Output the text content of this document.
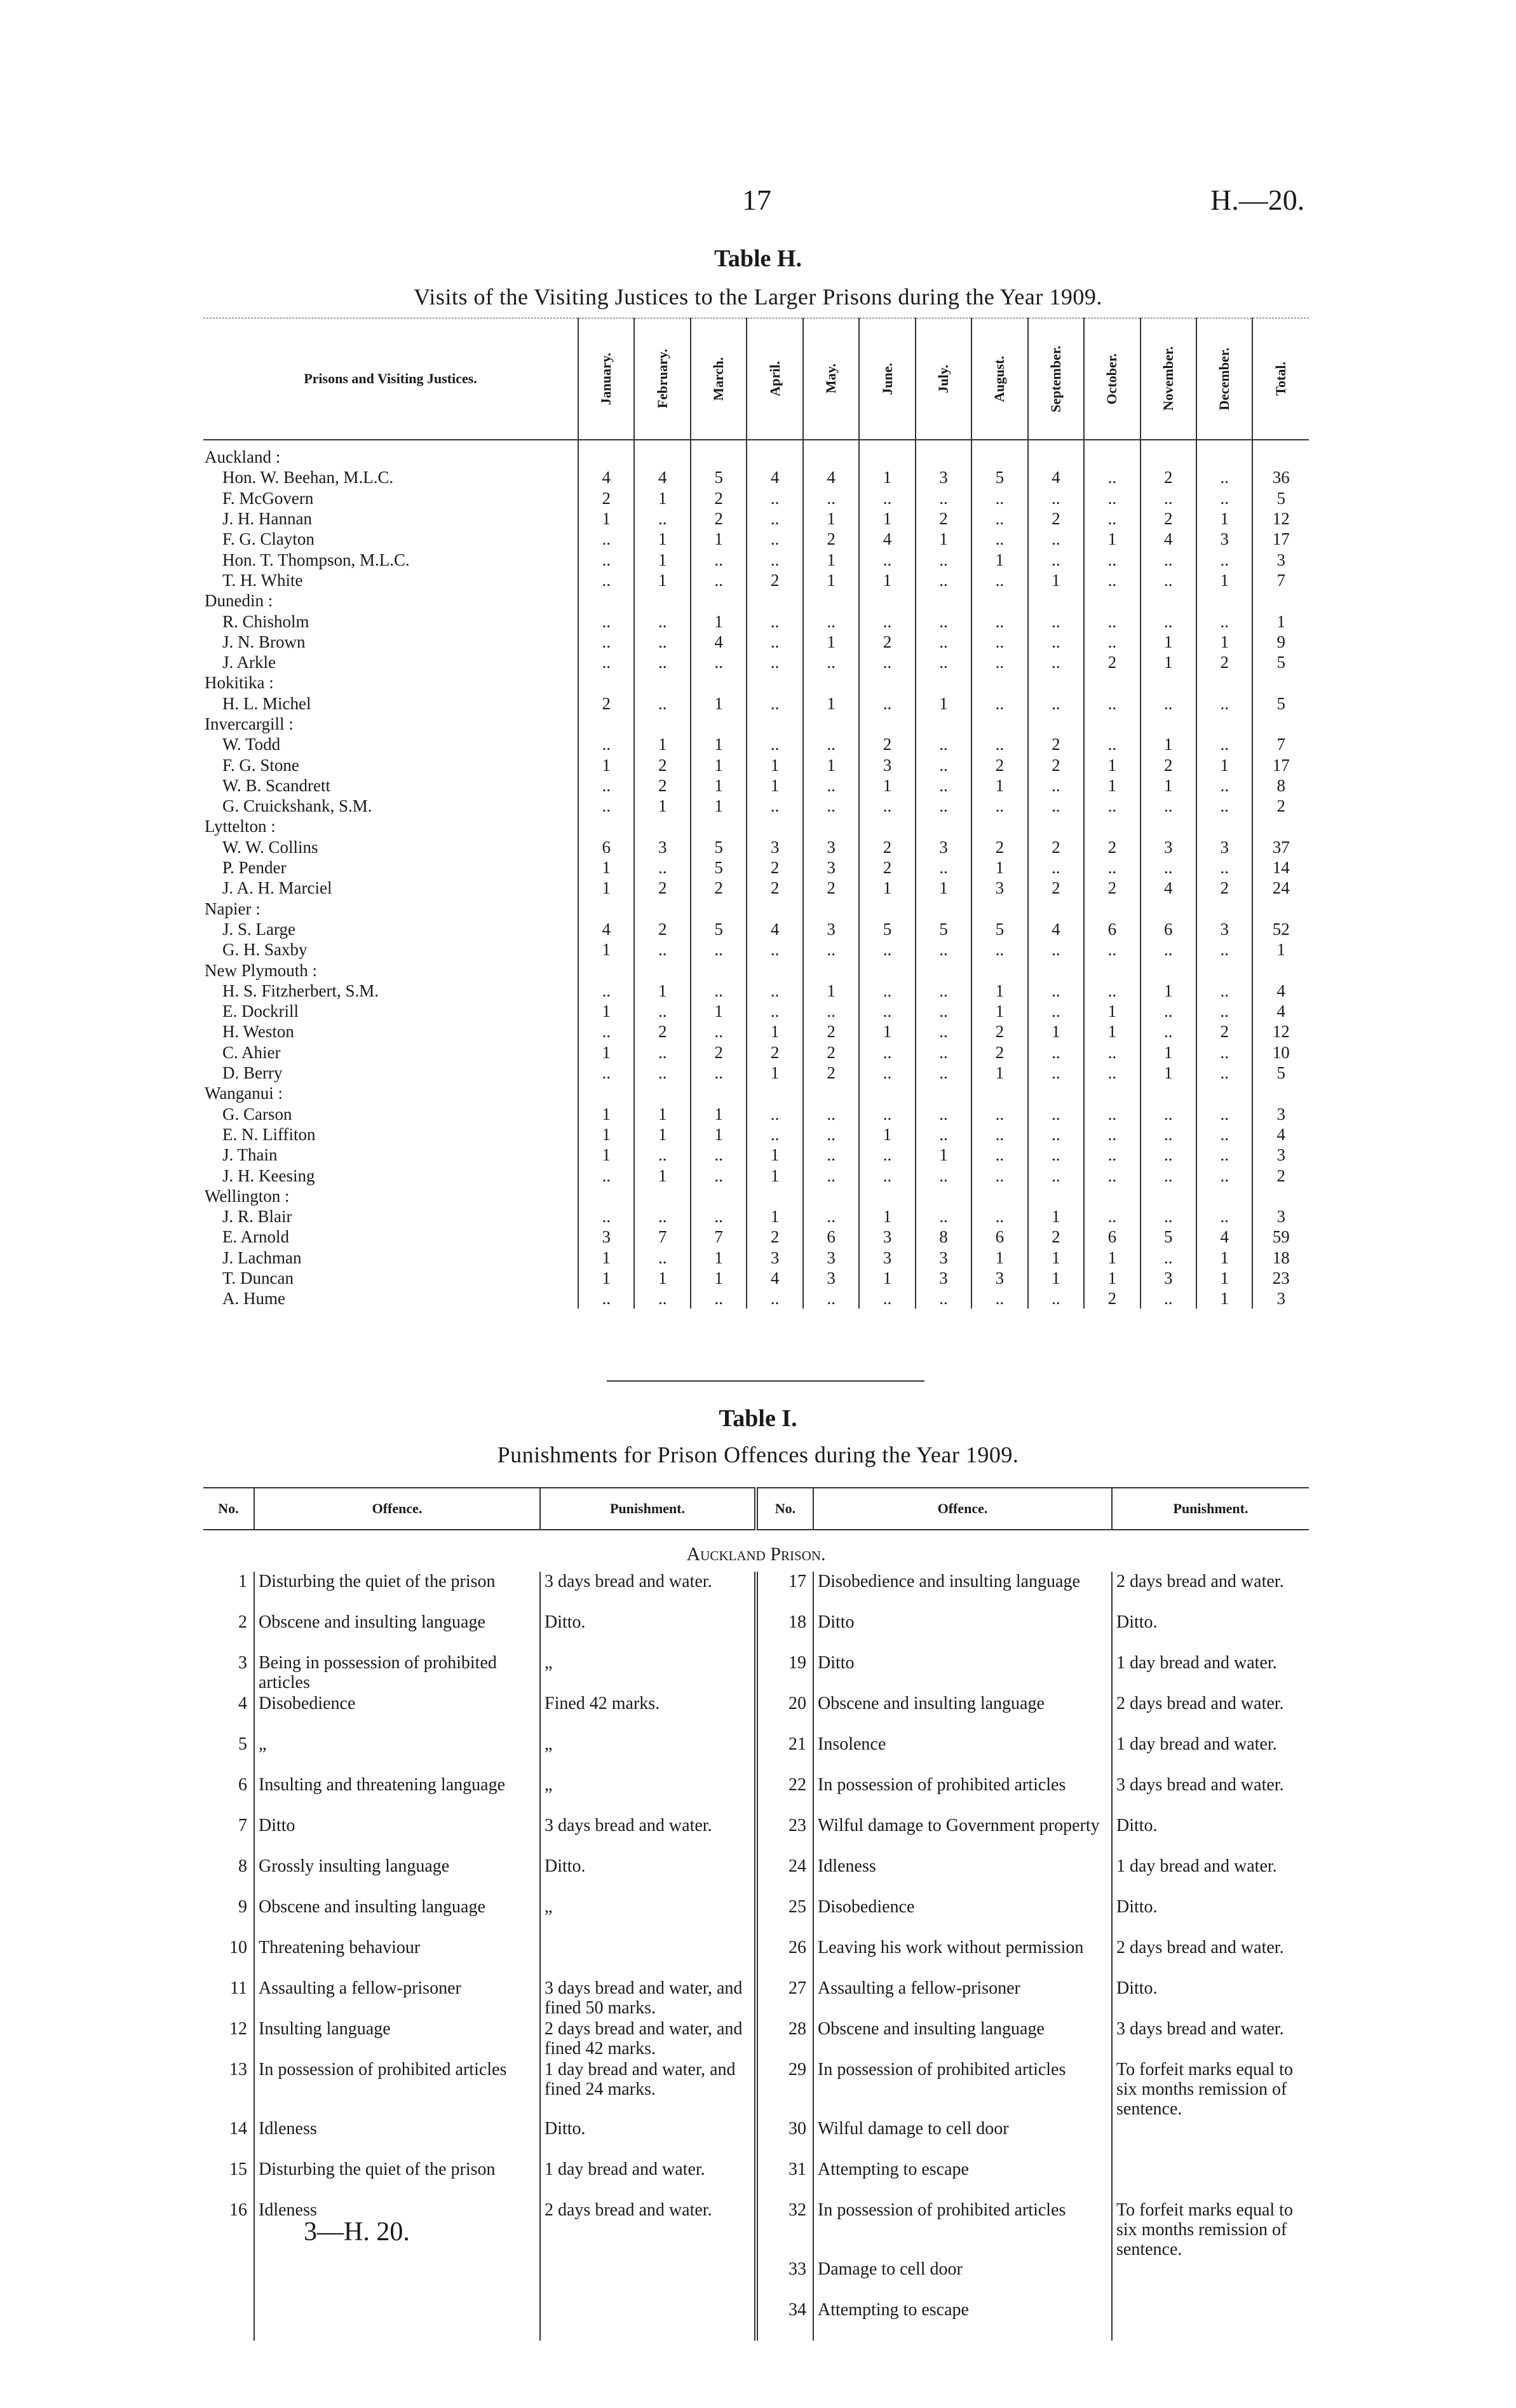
17	H.—20.
Table H.
Visits of the Visiting Justices to the Larger Prisons during the Year 1909.
Prisons and Visiting Justices.	January.	February.	March.	April.	May.	June.	July.	August.	September.	October.	November.	December.	Total.

Auckland :													
Hon. W. Beehan, M.L.C.	4	4	5	4	4	1	3	5	4	..	2	..	36
F. McGovern	2	1	2	..	..	..	..	..	..	..	..	..	5
J. H. Hannan	1	..	2	..	1	1	2	..	2	..	2	1	12
F. G. Clayton	..	1	1	..	2	4	1	..	..	1	4	3	17
Hon. T. Thompson, M.L.C.	..	1	..	..	1	..	..	1	..	..	..	..	3
T. H. White	..	1	..	2	1	1	..	..	1	..	..	1	7
Dunedin :													
R. Chisholm	..	..	1	..	..	..	..	..	..	..	..	..	1
J. N. Brown	..	..	4	..	1	2	..	..	..	..	1	1	9
J. Arkle	..	..	..	..	..	..	..	..	..	2	1	2	5
Hokitika :													
H. L. Michel	2	..	1	..	1	..	1	..	..	..	..	..	5
Invercargill :													
W. Todd	..	1	1	..	..	2	..	..	2	..	1	..	7
F. G. Stone	1	2	1	1	1	3	..	2	2	1	2	1	17
W. B. Scandrett	..	2	1	1	..	1	..	1	..	1	1	..	8
G. Cruickshank, S.M.	..	1	1	..	..	..	..	..	..	..	..	..	2
Lyttelton :													
W. W. Collins	6	3	5	3	3	2	3	2	2	2	3	3	37
P. Pender	1	..	5	2	3	2	..	1	..	..	..	..	14
J. A. H. Marciel	1	2	2	2	2	1	1	3	2	2	4	2	24
Napier :													
J. S. Large	4	2	5	4	3	5	5	5	4	6	6	3	52
G. H. Saxby	1	..	..	..	..	..	..	..	..	..	..	..	1
New Plymouth :													
H. S. Fitzherbert, S.M.	..	1	..	..	1	..	..	1	..	..	1	..	4
E. Dockrill	1	..	1	..	..	..	..	1	..	1	..	..	4
H. Weston	..	2	..	1	2	1	..	2	1	1	..	2	12
C. Ahier	1	..	2	2	2	..	..	2	..	..	1	..	10
D. Berry	..	..	..	1	2	..	..	1	..	..	1	..	5
Wanganui :													
G. Carson	1	1	1	..	..	..	..	..	..	..	..	..	3
E. N. Liffiton	1	1	1	..	..	1	..	..	..	..	..	..	4
J. Thain	1	..	..	1	..	..	1	..	..	..	..	..	3
J. H. Keesing	..	1	..	1	..	..	..	..	..	..	..	..	2
Wellington :													
J. R. Blair	..	..	..	1	..	1	..	..	1	..	..	..	3
E. Arnold	3	7	7	2	6	3	8	6	2	6	5	4	59
J. Lachman	1	..	1	3	3	3	3	1	1	1	..	1	18
T. Duncan	1	1	1	4	3	1	3	3	1	1	3	1	23
A. Hume	..	..	..	..	..	..	..	..	..	2	..	1	3
Table I.
Punishments for Prison Offences during the Year 1909.
No.	Offence.	Punishment.	No.	Offence.	Punishment.
Auckland Prison.					
1	Disturbing the quiet of the prison	3 days bread and water.	17	Disobedience and insulting language	2 days bread and water.
2	Obscene and insulting language	Ditto.	18	Ditto	Ditto.
3	Being in possession of prohibited articles	„	19	Ditto	1 day bread and water.
4	Disobedience	Fined 42 marks.	20	Obscene and insulting language	2 days bread and water.
5	„	„	21	Insolence	1 day bread and water.
6	Insulting and threatening language	„	22	In possession of prohibited articles	3 days bread and water.
7	Ditto	3 days bread and water.	23	Wilful damage to Government property	Ditto.
8	Grossly insulting language	Ditto.	24	Idleness	1 day bread and water.
9	Obscene and insulting language	„	25	Disobedience	Ditto.
10	Threatening behaviour		26	Leaving his work without permission	2 days bread and water.
11	Assaulting a fellow-prisoner	3 days bread and water, and fined 50 marks.	27	Assaulting a fellow-prisoner	Ditto.
12	Insulting language	2 days bread and water, and fined 42 marks.	28	Obscene and insulting language	3 days bread and water.
13	In possession of prohibited articles	1 day bread and water, and fined 24 marks.	29	In possession of prohibited articles	To forfeit marks equal to six months remission of sentence.
14	Idleness	Ditto.	30	Wilful damage to cell door	
15	Disturbing the quiet of the prison	1 day bread and water.	31	Attempting to escape	
16	Idleness	2 days bread and water.	32	In possession of prohibited articles	To forfeit marks equal to six months remission of sentence.
			33	Damage to cell door	
			34	Attempting to escape	
3—H. 20.
